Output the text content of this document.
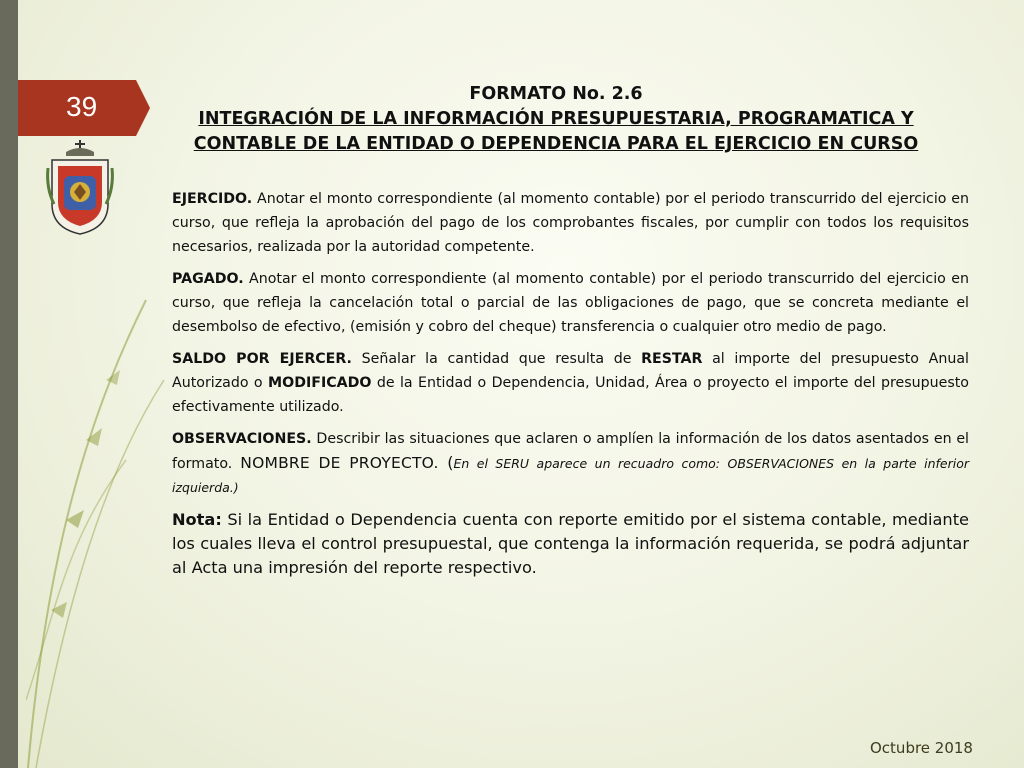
39	FORMATO No. 2.6
INTEGRACIÓN DE LA INFORMACIÓN PRESUPUESTARIA, PROGRAMATICA Y CONTABLE DE LA ENTIDAD O DEPENDENCIA PARA EL EJERCICIO EN CURSO

EJERCIDO. Anotar el monto correspondiente (al momento contable) por el periodo transcurrido del ejercicio en curso, que refleja la aprobación del pago de los comprobantes fiscales, por cumplir con todos los requisitos necesarios, realizada por la autoridad competente.

PAGADO. Anotar el monto correspondiente (al momento contable) por el periodo transcurrido del ejercicio en curso, que refleja la cancelación total o parcial de las obligaciones de pago, que se concreta mediante el desembolso de efectivo, (emisión y cobro del cheque) transferencia o cualquier otro medio de pago.

SALDO POR EJERCER. Señalar la cantidad que resulta de RESTAR al importe del presupuesto Anual Autorizado o MODIFICADO de la Entidad o Dependencia, Unidad, Área o proyecto el importe del presupuesto efectivamente utilizado.

OBSERVACIONES. Describir las situaciones que aclaren o amplíen la información de los datos asentados en el formato. NOMBRE DE PROYECTO. (En el SERU aparece un recuadro como: OBSERVACIONES en la parte inferior izquierda.)

Nota: Si la Entidad o Dependencia cuenta con reporte emitido por el sistema contable, mediante los cuales lleva el control presupuestal, que contenga la información requerida, se podrá adjuntar al Acta una impresión del reporte respectivo.

Octubre 2018
